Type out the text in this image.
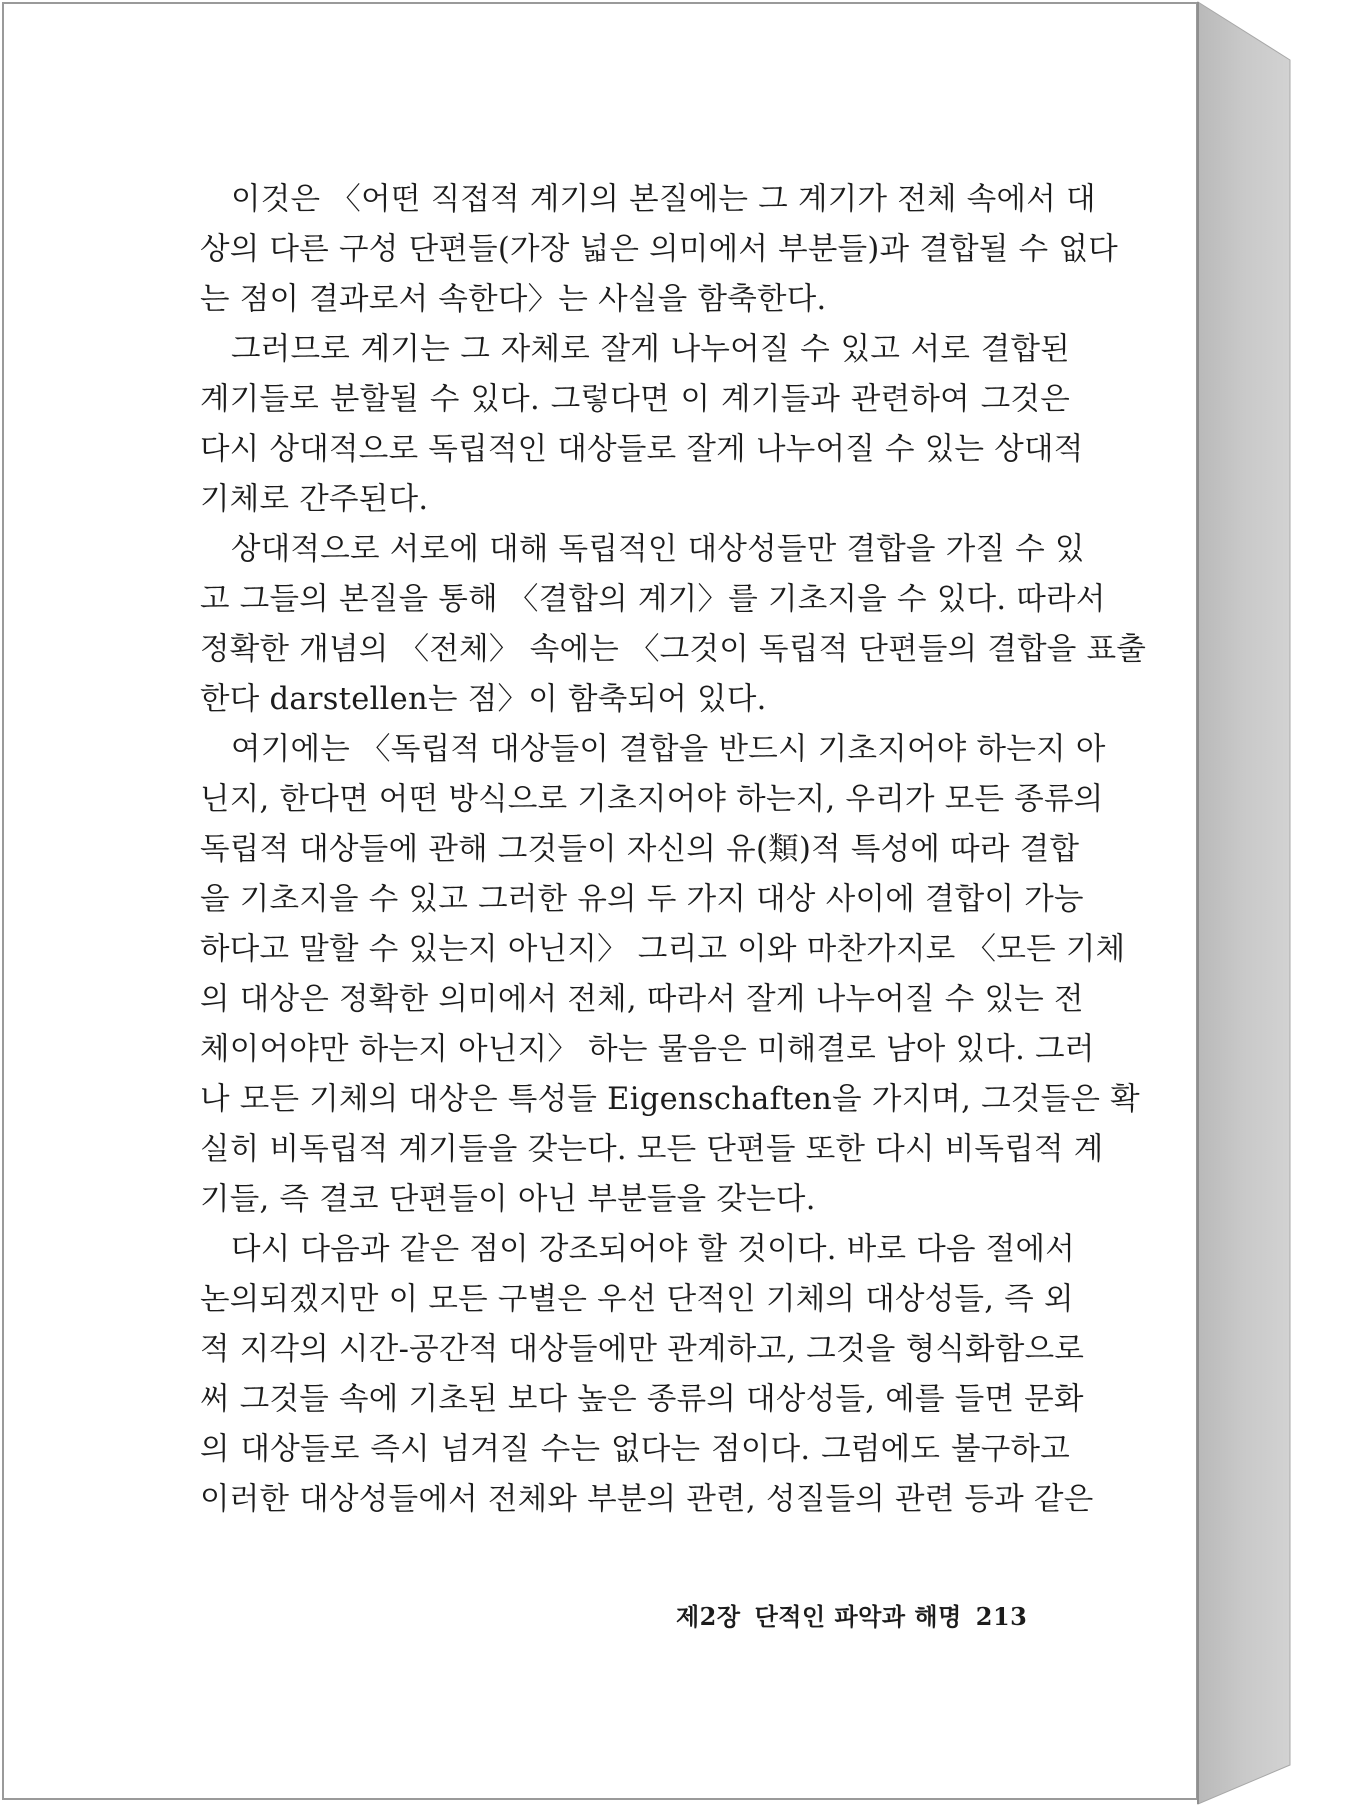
이것은 〈어떤 직접적 계기의 본질에는 그 계기가 전체 속에서 대
상의 다른 구성 단편들(가장 넓은 의미에서 부분들)과 결합될 수 없다
는 점이 결과로서 속한다〉는 사실을 함축한다.
그러므로 계기는 그 자체로 잘게 나누어질 수 있고 서로 결합된
계기들로 분할될 수 있다. 그렇다면 이 계기들과 관련하여 그것은
다시 상대적으로 독립적인 대상들로 잘게 나누어질 수 있는 상대적
기체로 간주된다.
상대적으로 서로에 대해 독립적인 대상성들만 결합을 가질 수 있
고 그들의 본질을 통해 〈결합의 계기〉를 기초지을 수 있다. 따라서
정확한 개념의 〈전체〉 속에는 〈그것이 독립적 단편들의 결합을 표출
한다 darstellen는 점〉이 함축되어 있다.
여기에는 〈독립적 대상들이 결합을 반드시 기초지어야 하는지 아
닌지, 한다면 어떤 방식으로 기초지어야 하는지, 우리가 모든 종류의
독립적 대상들에 관해 그것들이 자신의 유(類)적 특성에 따라 결합
을 기초지을 수 있고 그러한 유의 두 가지 대상 사이에 결합이 가능
하다고 말할 수 있는지 아닌지〉 그리고 이와 마찬가지로 〈모든 기체
의 대상은 정확한 의미에서 전체, 따라서 잘게 나누어질 수 있는 전
체이어야만 하는지 아닌지〉 하는 물음은 미해결로 남아 있다. 그러
나 모든 기체의 대상은 특성들 Eigenschaften을 가지며, 그것들은 확
실히 비독립적 계기들을 갖는다. 모든 단편들 또한 다시 비독립적 계
기들, 즉 결코 단편들이 아닌 부분들을 갖는다.
다시 다음과 같은 점이 강조되어야 할 것이다. 바로 다음 절에서
논의되겠지만 이 모든 구별은 우선 단적인 기체의 대상성들, 즉 외
적 지각의 시간-공간적 대상들에만 관계하고, 그것을 형식화함으로
써 그것들 속에 기초된 보다 높은 종류의 대상성들, 예를 들면 문화
의 대상들로 즉시 넘겨질 수는 없다는 점이다. 그럼에도 불구하고
이러한 대상성들에서 전체와 부분의 관련, 성질들의 관련 등과 같은
제2장 단적인 파악과 해명 213
